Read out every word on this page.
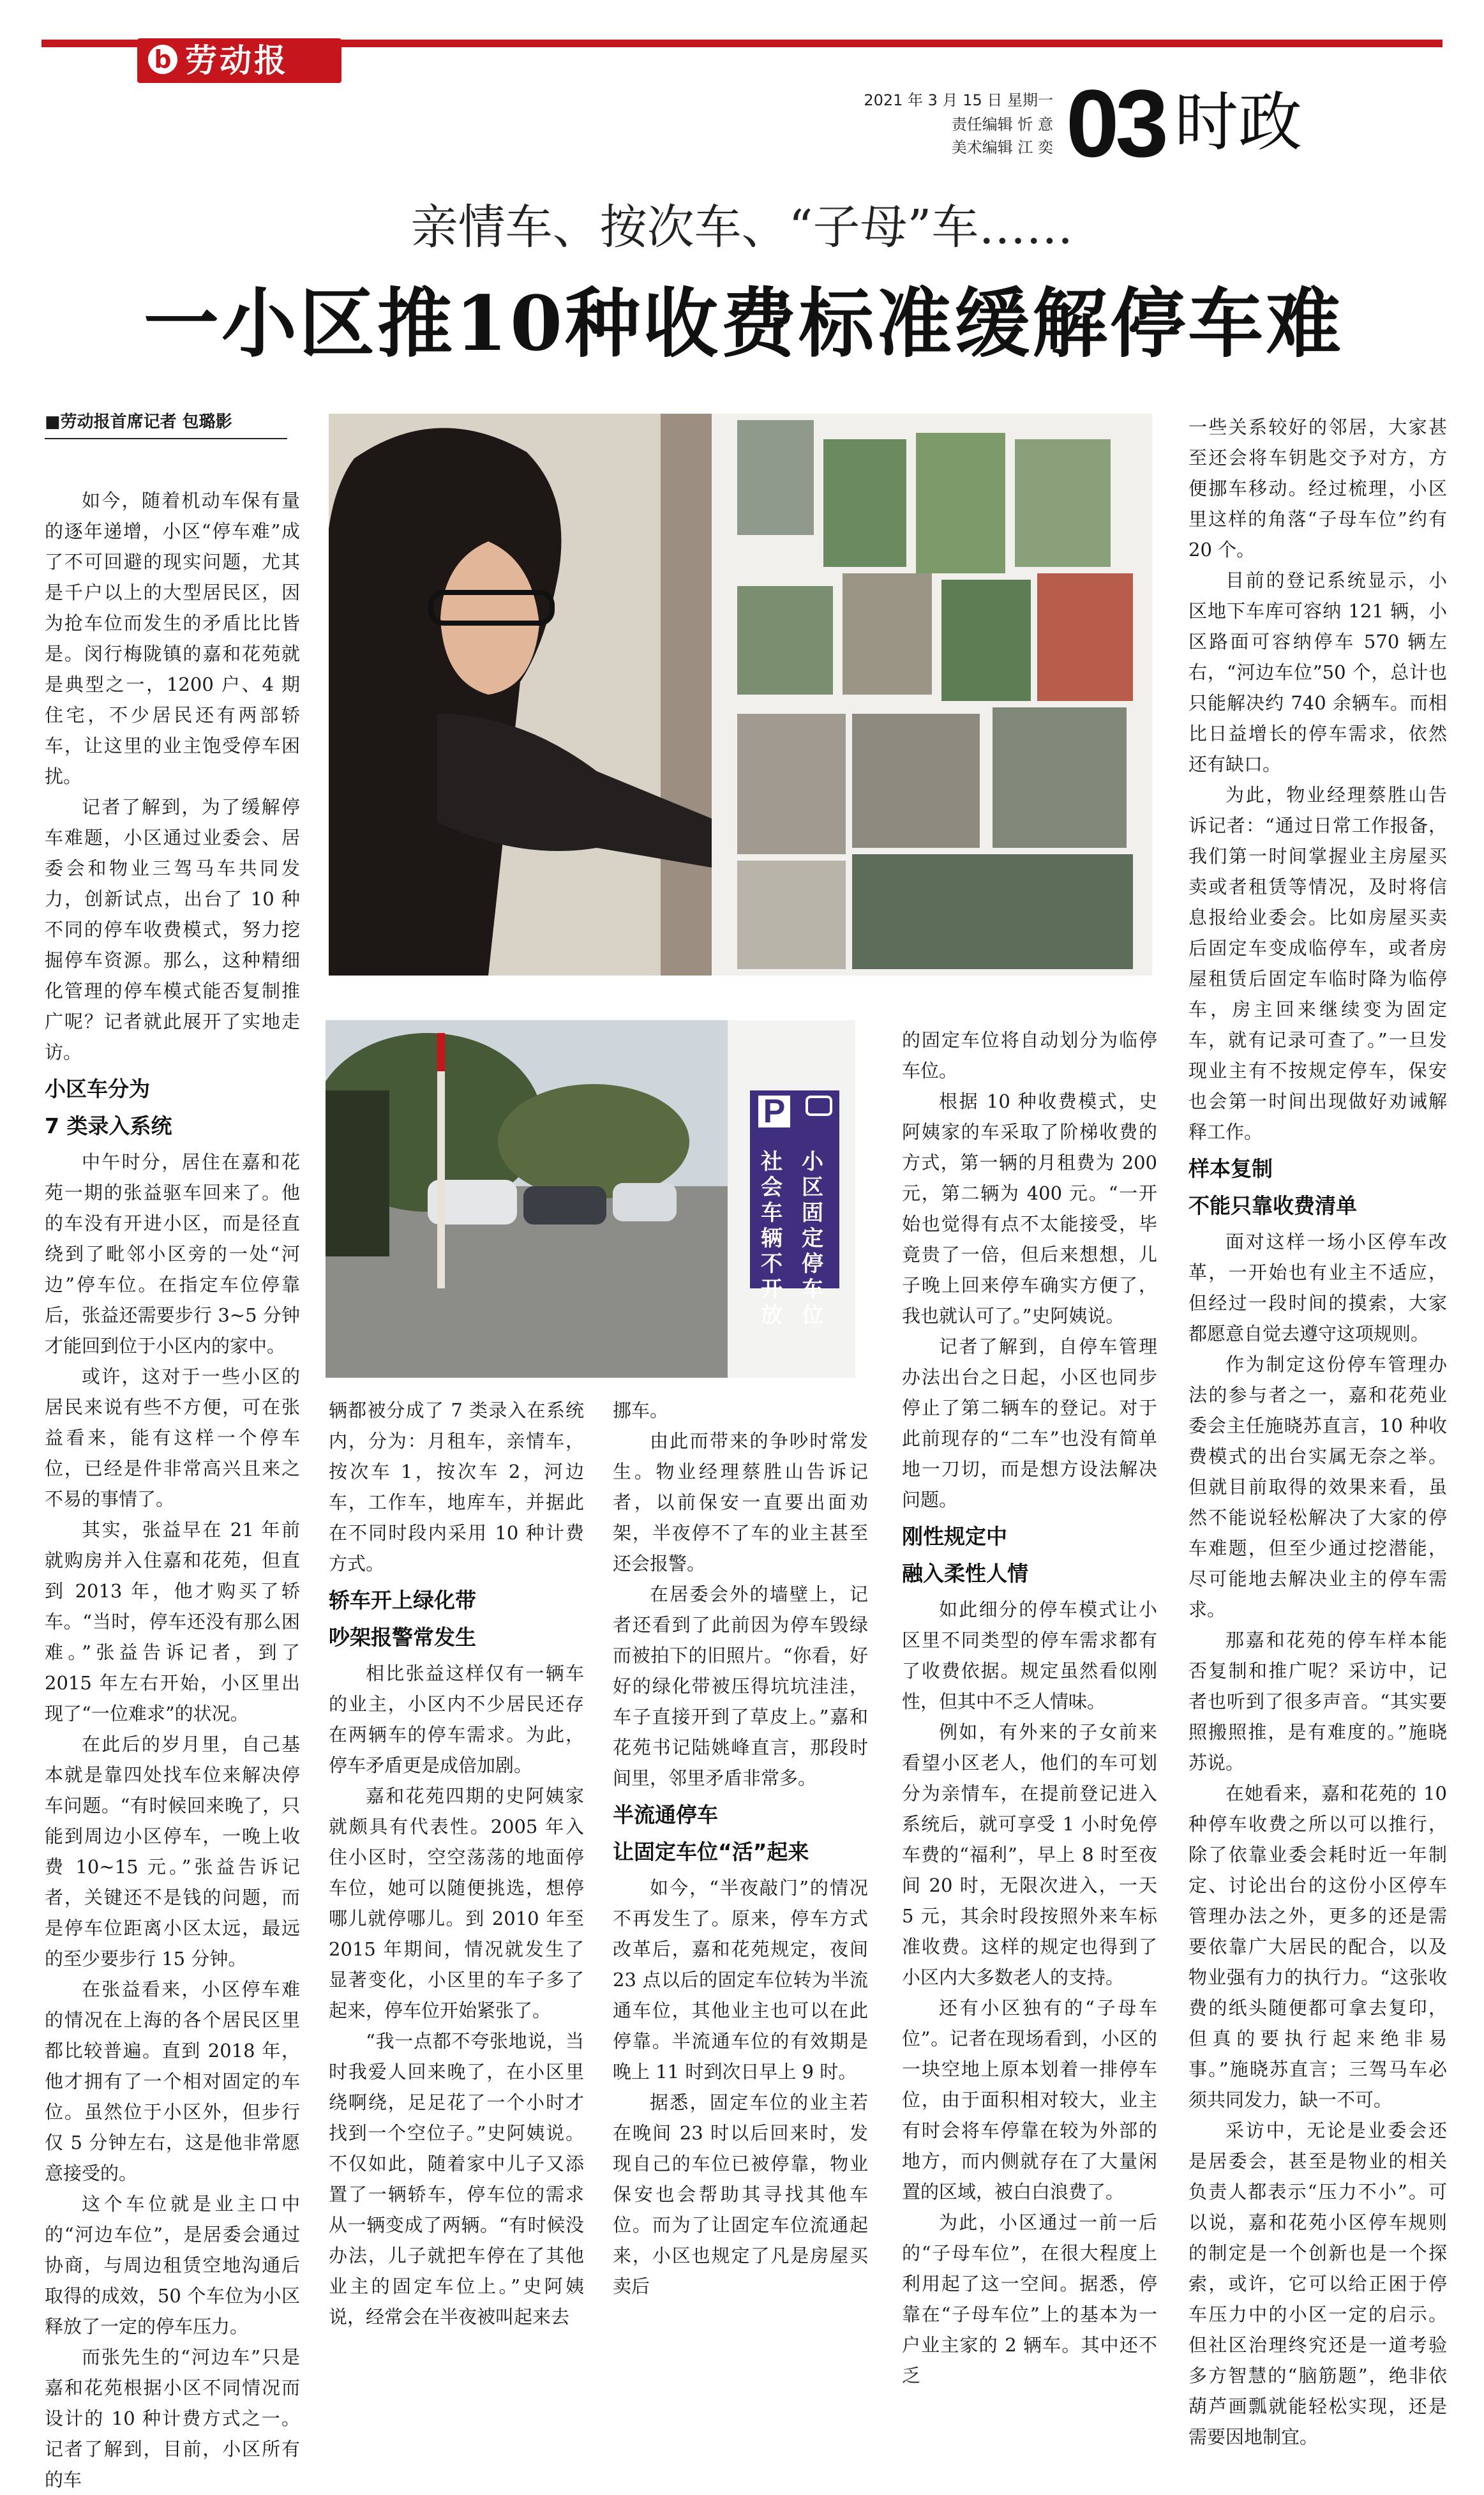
b 劳动报
2021 年 3 月 15 日 星期一
责任编辑 忻 意
美术编辑 江 奕 03 时政
亲情车、按次车、“子母”车……
一小区推10种收费标准缓解停车难
■劳动报首席记者 包璐影
P
小区固定停车位
社会车辆不开放

如今，随着机动车保有量的逐年递增，小区“停车难”成了不可回避的现实问题，尤其是千户以上的大型居民区，因为抢车位而发生的矛盾比比皆是。闵行梅陇镇的嘉和花苑就是典型之一，1200 户、4 期住宅，不少居民还有两部轿车，让这里的业主饱受停车困扰。

记者了解到，为了缓解停车难题，小区通过业委会、居委会和物业三驾马车共同发力，创新试点，出台了 10 种不同的停车收费模式，努力挖掘停车资源。那么，这种精细化管理的停车模式能否复制推广呢？记者就此展开了实地走访。

小区车分为
7 类录入系统

中午时分，居住在嘉和花苑一期的张益驱车回来了。他的车没有开进小区，而是径直绕到了毗邻小区旁的一处“河边”停车位。在指定车位停靠后，张益还需要步行 3~5 分钟才能回到位于小区内的家中。

或许，这对于一些小区的居民来说有些不方便，可在张益看来，能有这样一个停车位，已经是件非常高兴且来之不易的事情了。

其实，张益早在 21 年前就购房并入住嘉和花苑，但直到 2013 年，他才购买了轿车。“当时，停车还没有那么困难。”张益告诉记者，到了 2015 年左右开始，小区里出现了“一位难求”的状况。

在此后的岁月里，自己基本就是靠四处找车位来解决停车问题。“有时候回来晚了，只能到周边小区停车，一晚上收费 10~15 元。”张益告诉记者，关键还不是钱的问题，而是停车位距离小区太远，最远的至少要步行 15 分钟。

在张益看来，小区停车难的情况在上海的各个居民区里都比较普遍。直到 2018 年，他才拥有了一个相对固定的车位。虽然位于小区外，但步行仅 5 分钟左右，这是他非常愿意接受的。

这个车位就是业主口中的“河边车位”，是居委会通过协商，与周边租赁空地沟通后取得的成效，50 个车位为小区释放了一定的停车压力。

而张先生的“河边车”只是嘉和花苑根据小区不同情况而设计的 10 种计费方式之一。记者了解到，目前，小区所有的车

辆都被分成了 7 类录入在系统内，分为：月租车，亲情车，按次车 1，按次车 2，河边车，工作车，地库车，并据此在不同时段内采用 10 种计费方式。

轿车开上绿化带
吵架报警常发生

相比张益这样仅有一辆车的业主，小区内不少居民还存在两辆车的停车需求。为此，停车矛盾更是成倍加剧。

嘉和花苑四期的史阿姨家就颇具有代表性。2005 年入住小区时，空空荡荡的地面停车位，她可以随便挑选，想停哪儿就停哪儿。到 2010 年至 2015 年期间，情况就发生了显著变化，小区里的车子多了起来，停车位开始紧张了。

“我一点都不夸张地说，当时我爱人回来晚了，在小区里绕啊绕，足足花了一个小时才找到一个空位子。”史阿姨说。不仅如此，随着家中儿子又添置了一辆轿车，停车位的需求从一辆变成了两辆。“有时候没办法，儿子就把车停在了其他业主的固定车位上。”史阿姨说，经常会在半夜被叫起来去

挪车。

由此而带来的争吵时常发生。物业经理蔡胜山告诉记者，以前保安一直要出面劝架，半夜停不了车的业主甚至还会报警。

在居委会外的墙壁上，记者还看到了此前因为停车毁绿而被拍下的旧照片。“你看，好好的绿化带被压得坑坑洼洼，车子直接开到了草皮上。”嘉和花苑书记陆姚峰直言，那段时间里，邻里矛盾非常多。

半流通停车
让固定车位“活”起来

如今，“半夜敲门”的情况不再发生了。原来，停车方式改革后，嘉和花苑规定，夜间 23 点以后的固定车位转为半流通车位，其他业主也可以在此停靠。半流通车位的有效期是晚上 11 时到次日早上 9 时。

据悉，固定车位的业主若在晚间 23 时以后回来时，发现自己的车位已被停靠，物业保安也会帮助其寻找其他车位。而为了让固定车位流通起来，小区也规定了凡是房屋买卖后

的固定车位将自动划分为临停车位。

根据 10 种收费模式，史阿姨家的车采取了阶梯收费的方式，第一辆的月租费为 200 元，第二辆为 400 元。“一开始也觉得有点不太能接受，毕竟贵了一倍，但后来想想，儿子晚上回来停车确实方便了，我也就认可了。”史阿姨说。

记者了解到，自停车管理办法出台之日起，小区也同步停止了第二辆车的登记。对于此前现存的“二车”也没有简单地一刀切，而是想方设法解决问题。

刚性规定中
融入柔性人情

如此细分的停车模式让小区里不同类型的停车需求都有了收费依据。规定虽然看似刚性，但其中不乏人情味。

例如，有外来的子女前来看望小区老人，他们的车可划分为亲情车，在提前登记进入系统后，就可享受 1 小时免停车费的“福利”，早上 8 时至夜间 20 时，无限次进入，一天 5 元，其余时段按照外来车标准收费。这样的规定也得到了小区内大多数老人的支持。

还有小区独有的“子母车位”。记者在现场看到，小区的一块空地上原本划着一排停车位，由于面积相对较大，业主有时会将车停靠在较为外部的地方，而内侧就存在了大量闲置的区域，被白白浪费了。

为此，小区通过一前一后的“子母车位”，在很大程度上利用起了这一空间。据悉，停靠在“子母车位”上的基本为一户业主家的 2 辆车。其中还不乏

一些关系较好的邻居，大家甚至还会将车钥匙交予对方，方便挪车移动。经过梳理，小区里这样的角落“子母车位”约有 20 个。

目前的登记系统显示，小区地下车库可容纳 121 辆，小区路面可容纳停车 570 辆左右，“河边车位”50 个，总计也只能解决约 740 余辆车。而相比日益增长的停车需求，依然还有缺口。

为此，物业经理蔡胜山告诉记者：“通过日常工作报备，我们第一时间掌握业主房屋买卖或者租赁等情况，及时将信息报给业委会。比如房屋买卖后固定车变成临停车，或者房屋租赁后固定车临时降为临停车，房主回来继续变为固定车，就有记录可查了。”一旦发现业主有不按规定停车，保安也会第一时间出现做好劝诫解释工作。

样本复制
不能只靠收费清单

面对这样一场小区停车改革，一开始也有业主不适应，但经过一段时间的摸索，大家都愿意自觉去遵守这项规则。

作为制定这份停车管理办法的参与者之一，嘉和花苑业委会主任施晓苏直言，10 种收费模式的出台实属无奈之举。但就目前取得的效果来看，虽然不能说轻松解决了大家的停车难题，但至少通过挖潜能，尽可能地去解决业主的停车需求。

那嘉和花苑的停车样本能否复制和推广呢？采访中，记者也听到了很多声音。“其实要照搬照推，是有难度的。”施晓苏说。

在她看来，嘉和花苑的 10 种停车收费之所以可以推行，除了依靠业委会耗时近一年制定、讨论出台的这份小区停车管理办法之外，更多的还是需要依靠广大居民的配合，以及物业强有力的执行力。“这张收费的纸头随便都可拿去复印，但真的要执行起来绝非易事。”施晓苏直言；三驾马车必须共同发力，缺一不可。

采访中，无论是业委会还是居委会，甚至是物业的相关负责人都表示“压力不小”。可以说，嘉和花苑小区停车规则的制定是一个创新也是一个探索，或许，它可以给正困于停车压力中的小区一定的启示。但社区治理终究还是一道考验多方智慧的“脑筋题”，绝非依葫芦画瓢就能轻松实现，还是需要因地制宜。
